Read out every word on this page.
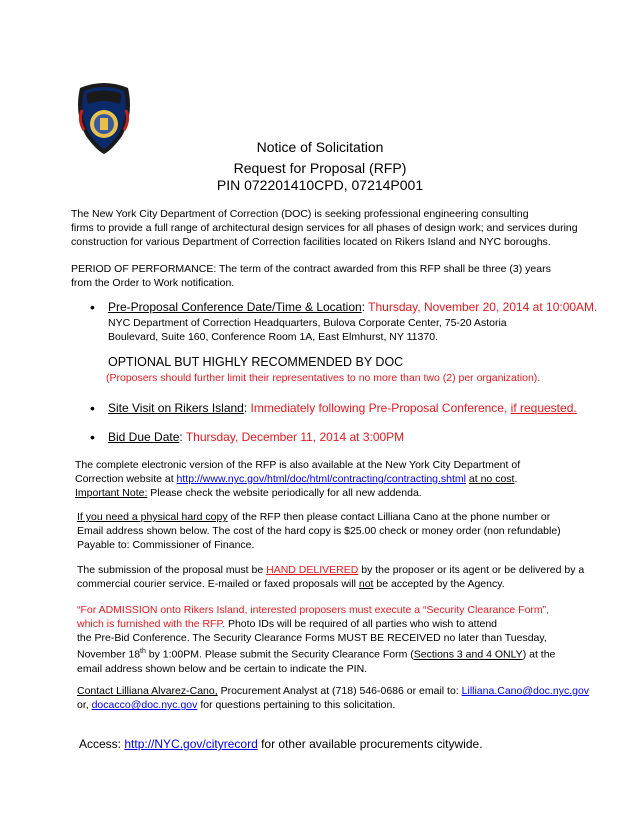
Notice of Solicitation
Request for Proposal (RFP)
PIN 072201410CPD, 07214P001
The New York City Department of Correction (DOC) is seeking professional engineering consulting
firms to provide a full range of architectural design services for all phases of design work; and services during
construction for various Department of Correction facilities located on Rikers Island and NYC boroughs.
PERIOD OF PERFORMANCE: The term of the contract awarded from this RFP shall be three (3) years
from the Order to Work notification.
• Pre-Proposal Conference Date/Time & Location: Thursday, November 20, 2014 at 10:00AM.
NYC Department of Correction Headquarters, Bulova Corporate Center, 75-20 Astoria
Boulevard, Suite 160, Conference Room 1A, East Elmhurst, NY 11370.
OPTIONAL BUT HIGHLY RECOMMENDED BY DOC
(Proposers should further limit their representatives to no more than two (2) per organization).
• Site Visit on Rikers Island: Immediately following Pre-Proposal Conference, if requested.
• Bid Due Date: Thursday, December 11, 2014 at 3:00PM
The complete electronic version of the RFP is also available at the New York City Department of
Correction website at http://www.nyc.gov/html/doc/html/contracting/contracting.shtml at no cost.
Important Note: Please check the website periodically for all new addenda.
If you need a physical hard copy of the RFP then please contact Lilliana Cano at the phone number or
Email address shown below. The cost of the hard copy is $25.00 check or money order (non refundable)
Payable to: Commissioner of Finance.
The submission of the proposal must be HAND DELIVERED by the proposer or its agent or be delivered by a
commercial courier service. E-mailed or faxed proposals will not be accepted by the Agency.
“For ADMISSION onto Rikers Island, interested proposers must execute a “Security Clearance Form”,
which is furnished with the RFP. Photo IDs will be required of all parties who wish to attend
the Pre-Bid Conference. The Security Clearance Forms MUST BE RECEIVED no later than Tuesday,
November 18th by 1:00PM. Please submit the Security Clearance Form (Sections 3 and 4 ONLY) at the
email address shown below and be certain to indicate the PIN.
Contact Lilliana Alvarez-Cano, Procurement Analyst at (718) 546-0686 or email to: Lilliana.Cano@doc.nyc.gov
or, docacco@doc.nyc.gov for questions pertaining to this solicitation.
Access: http://NYC.gov/cityrecord for other available procurements citywide.
